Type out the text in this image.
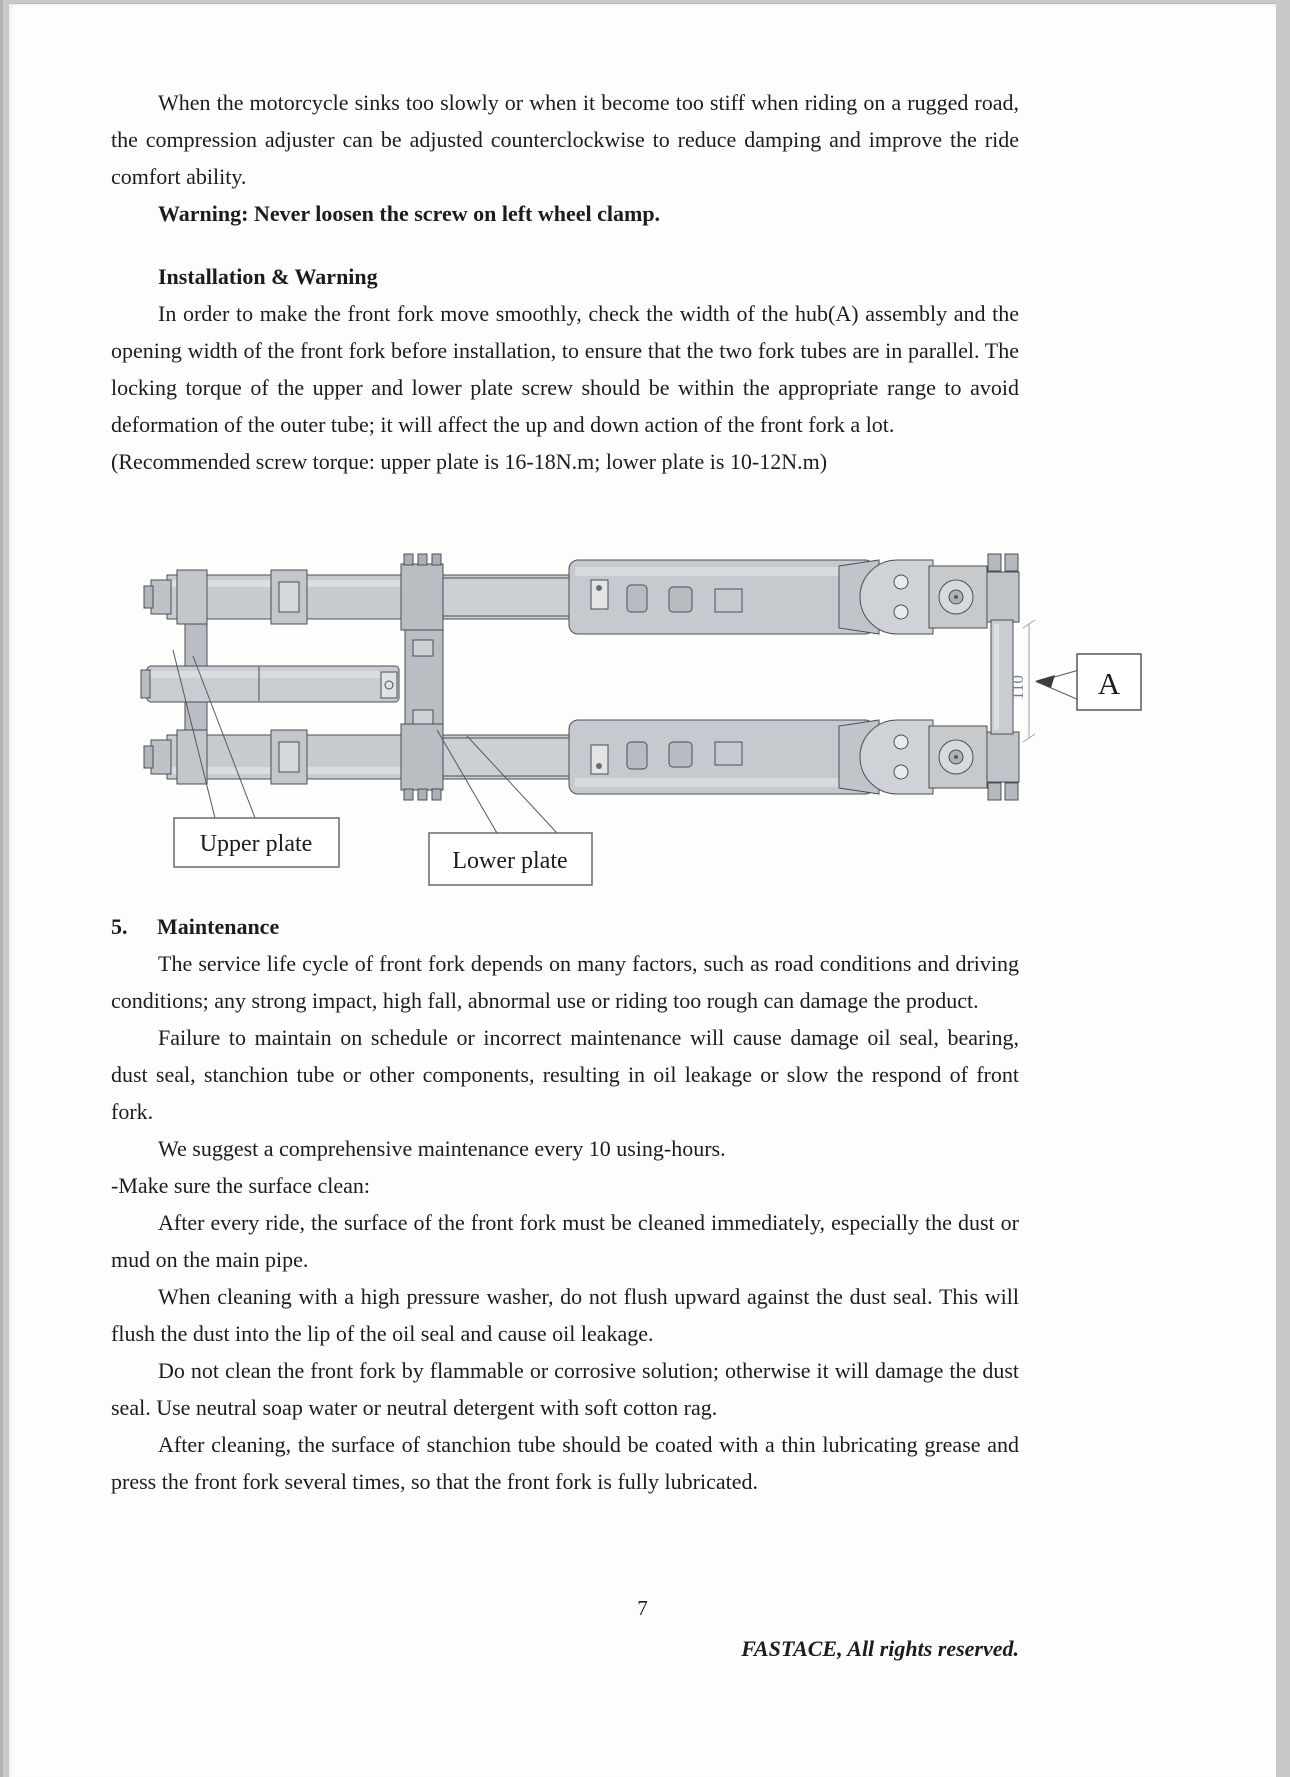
When the motorcycle sinks too slowly or when it become too stiff when riding on a rugged road, the compression adjuster can be adjusted counterclockwise to reduce damping and improve the ride comfort ability.

Warning: Never loosen the screw on left wheel clamp.

Installation & Warning

In order to make the front fork move smoothly, check the width of the hub(A) assembly and the opening width of the front fork before installation, to ensure that the two fork tubes are in parallel. The locking torque of the upper and lower plate screw should be within the appropriate range to avoid deformation of the outer tube; it will affect the up and down action of the front fork a lot.

(Recommended screw torque: upper plate is 16-18N.m; lower plate is 10-12N.m)

110 A
Upper plate
Lower plate
5.	Maintenance

The service life cycle of front fork depends on many factors, such as road conditions and driving conditions; any strong impact, high fall, abnormal use or riding too rough can damage the product.

Failure to maintain on schedule or incorrect maintenance will cause damage oil seal, bearing, dust seal, stanchion tube or other components, resulting in oil leakage or slow the respond of front fork.

We suggest a comprehensive maintenance every 10 using-hours.

-Make sure the surface clean:

After every ride, the surface of the front fork must be cleaned immediately, especially the dust or mud on the main pipe.

When cleaning with a high pressure washer, do not flush upward against the dust seal. This will flush the dust into the lip of the oil seal and cause oil leakage.

Do not clean the front fork by flammable or corrosive solution; otherwise it will damage the dust seal. Use neutral soap water or neutral detergent with soft cotton rag.

After cleaning, the surface of stanchion tube should be coated with a thin lubricating grease and press the front fork several times, so that the front fork is fully lubricated.

FASTACE, All rights reserved.
7
